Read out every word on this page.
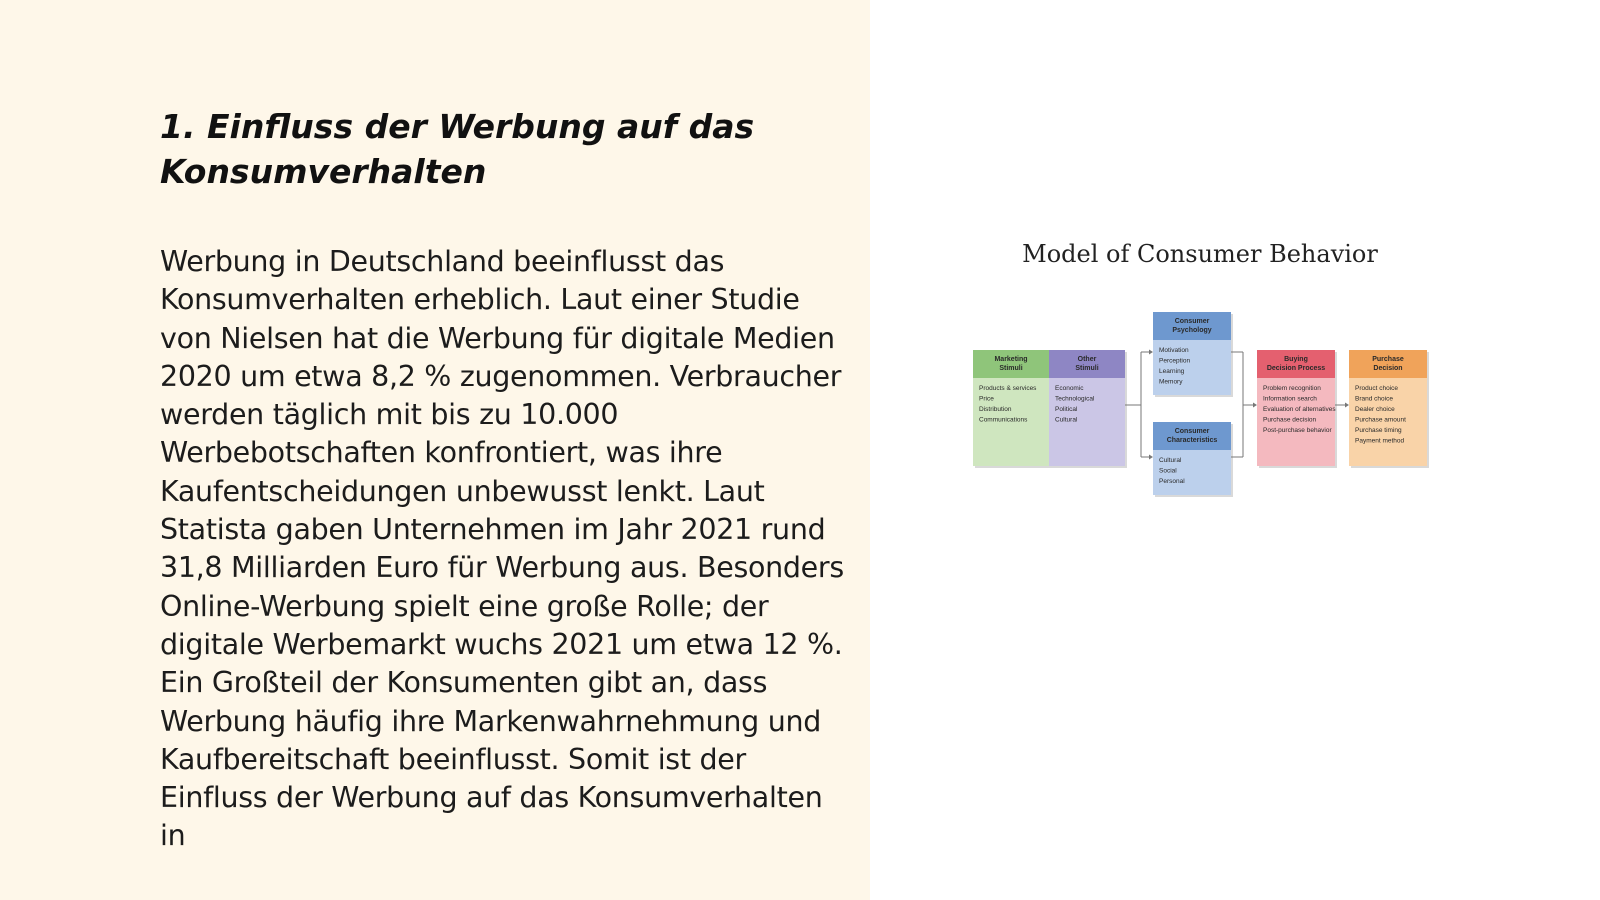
1. Einfluss der Werbung auf das Konsumverhalten

Werbung in Deutschland beeinflusst das Konsumverhalten erheblich. Laut einer Studie von Nielsen hat die Werbung für digitale Medien 2020 um etwa 8,2 % zugenommen. Verbraucher werden täglich mit bis zu 10.000 Werbebotschaften konfrontiert, was ihre Kaufentscheidungen unbewusst lenkt. Laut Statista gaben Unternehmen im Jahr 2021 rund 31,8 Milliarden Euro für Werbung aus. Besonders Online-Werbung spielt eine große Rolle; der digitale Werbemarkt wuchs 2021 um etwa 12 %. Ein Großteil der Konsumenten gibt an, dass Werbung häufig ihre Markenwahrnehmung und Kaufbereitschaft beeinflusst. Somit ist der Einfluss der Werbung auf das Konsumverhalten in

Model of Consumer Behavior
Marketing
Stimuli
Products & services
Price
Distribution
Communications
Other
Stimuli
Economic
Technological
Political
Cultural
Consumer
Psychology
Motivation
Perception
Learning
Memory
Consumer
Characteristics
Cultural
Social
Personal
Buying
Decision Process
Problem recognition
Information search
Evaluation of alternatives
Purchase decision
Post-purchase behavior
Purchase
Decision
Product choice
Brand choice
Dealer choice
Purchase amount
Purchase timing
Payment method
